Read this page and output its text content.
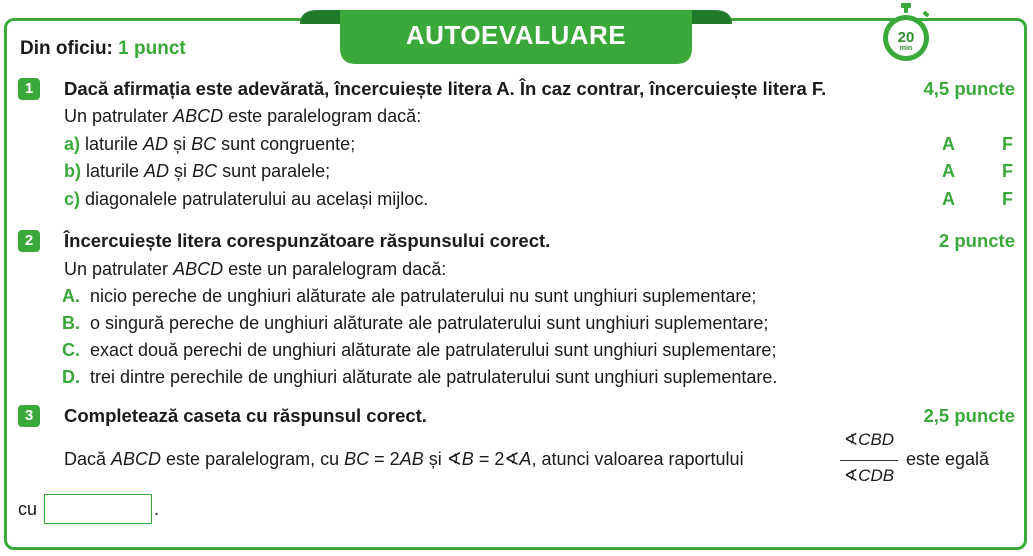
AUTOEVALUARE	20
min
Din oficiu: 1 punct
1	Dacă afirmația este adevărată, încercuiește litera A. În caz contrar, încercuiește litera F.	4,5 puncte
Un patrulater ABCD este paralelogram dacă:
a) laturile AD și BC sunt congruente;	A	F
b) laturile AD și BC sunt paralele;	A	F
c) diagonalele patrulaterului au același mijloc.	A	F
2	Încercuiește litera corespunzătoare răspunsului corect.	2 puncte
Un patrulater ABCD este un paralelogram dacă:
A. nicio pereche de unghiuri alăturate ale patrulaterului nu sunt unghiuri suplementare;
B. o singură pereche de unghiuri alăturate ale patrulaterului sunt unghiuri suplementare;
C. exact două perechi de unghiuri alăturate ale patrulaterului sunt unghiuri suplementare;
D. trei dintre perechile de unghiuri alăturate ale patrulaterului sunt unghiuri suplementare.
3	Completează caseta cu răspunsul corect.	2,5 puncte
Dacă ABCD este paralelogram, cu BC = 2AB și ∢B = 2∢A, atunci valoarea raportului
∢CBD
∢CDB
este egală
cu	.
